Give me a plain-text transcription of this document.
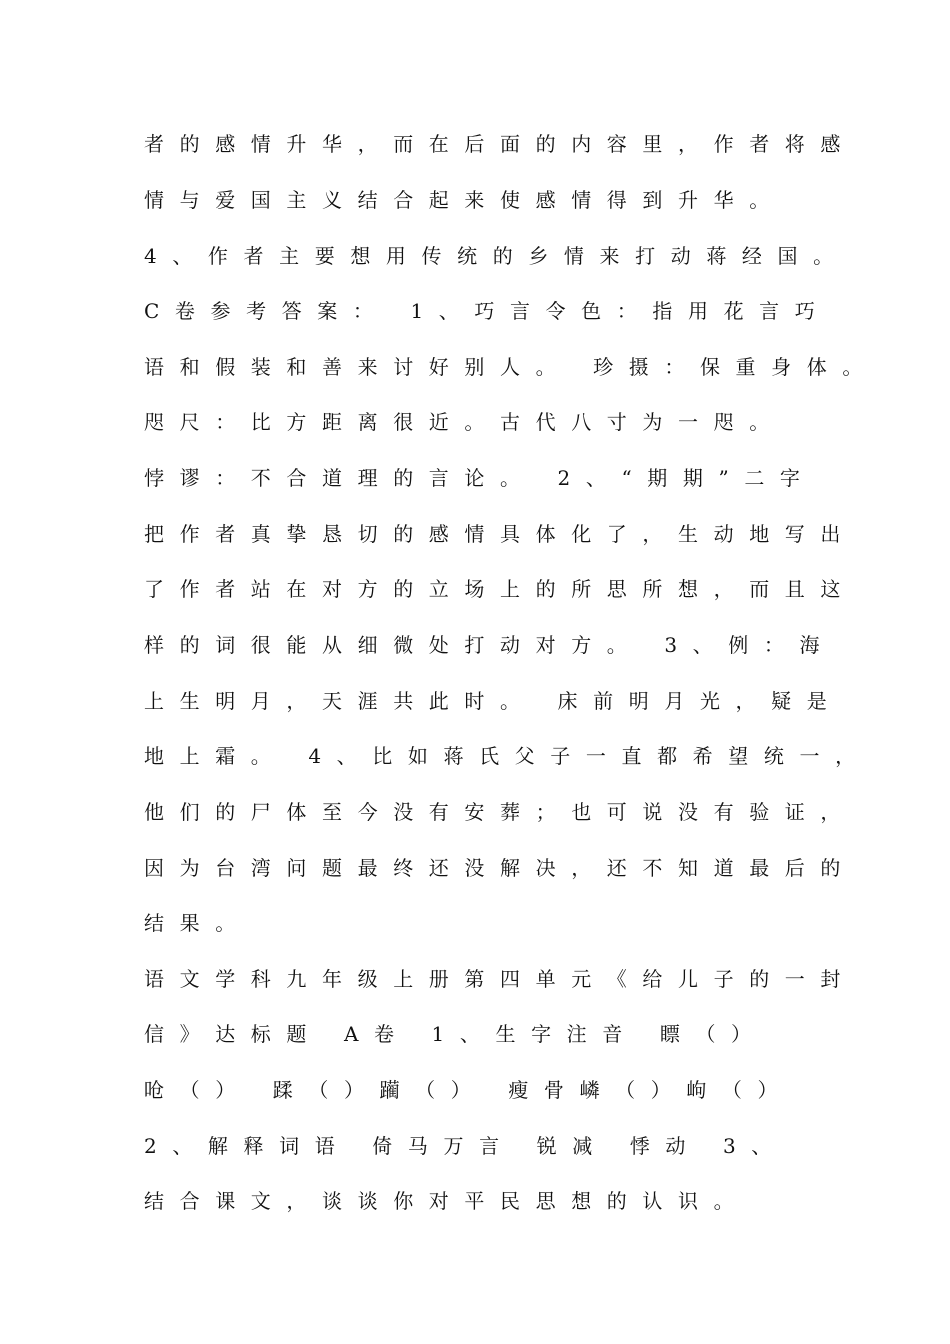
者的感情升华，而在后面的内容里，作者将感
情与爱国主义结合起来使感情得到升华。
4、作者主要想用传统的乡情来打动蒋经国。
C卷参考答案： 1、巧言令色：指用花言巧
语和假装和善来讨好别人。 珍摄：保重身体。
咫尺：比方距离很近。古代八寸为一咫。
悖谬：不合道理的言论。 2、“期期”二字
把作者真挚恳切的感情具体化了，生动地写出
了作者站在对方的立场上的所思所想，而且这
样的词很能从细微处打动对方。 3、例：海
上生明月，天涯共此时。 床前明月光，疑是
地上霜。 4、比如蒋氏父子一直都希望统一，
他们的尸体至今没有安葬；也可说没有验证，
因为台湾问题最终还没解决，还不知道最后的
结果。
语文学科九年级上册第四单元《给儿子的一封
信》达标题 A卷 1、生字注音 瞟（）
呛（） 蹂（）躏（） 瘦骨嶙（）岣（）
2、解释词语 倚马万言 锐减 悸动 3、
结合课文，谈谈你对平民思想的认识。
